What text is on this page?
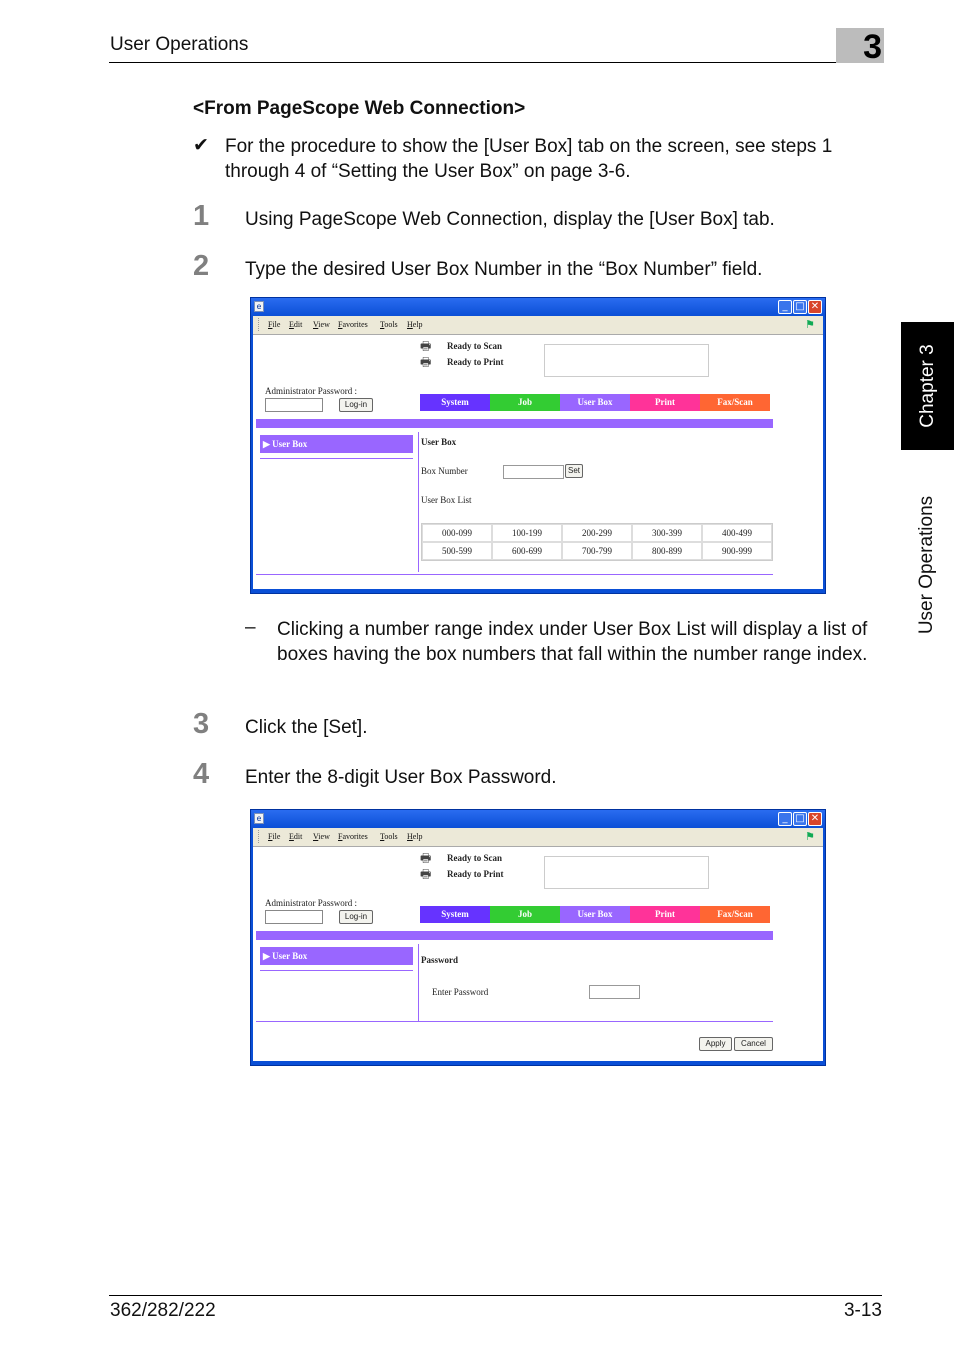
User Operations	3
Chapter 3
User Operations
<From PageScope Web Connection>
✔ For the procedure to show the [User Box] tab on the screen, see steps 1 through 4 of “Setting the User Box” on page 3-6.
1 Using PageScope Web Connection, display the [User Box] tab.
2 Type the desired User Box Number in the “Box Number” field.
e	_ □ ✕
File Edit View Favorites Tools Help	⚑
🖶	Ready to Scan
🖶	Ready to Print
Administrator Password :
Log-in	System	Job	User Box	Print	Fax/Scan
▶ User Box	User Box
Box Number	Set
User Box List
000-099	100-199	200-299	300-399	400-499
500-599	600-699	700-799	800-899	900-999
– Clicking a number range index under User Box List will display a list of boxes having the box numbers that fall within the number range index.
3 Click the [Set].
4 Enter the 8-digit User Box Password.
e	_ □ ✕
File Edit View Favorites Tools Help	⚑
🖶	Ready to Scan
🖶	Ready to Print
Administrator Password :
Log-in	System	Job	User Box	Print	Fax/Scan
▶ User Box	Password
Enter Password
Apply	Cancel
362/282/222	3-13
